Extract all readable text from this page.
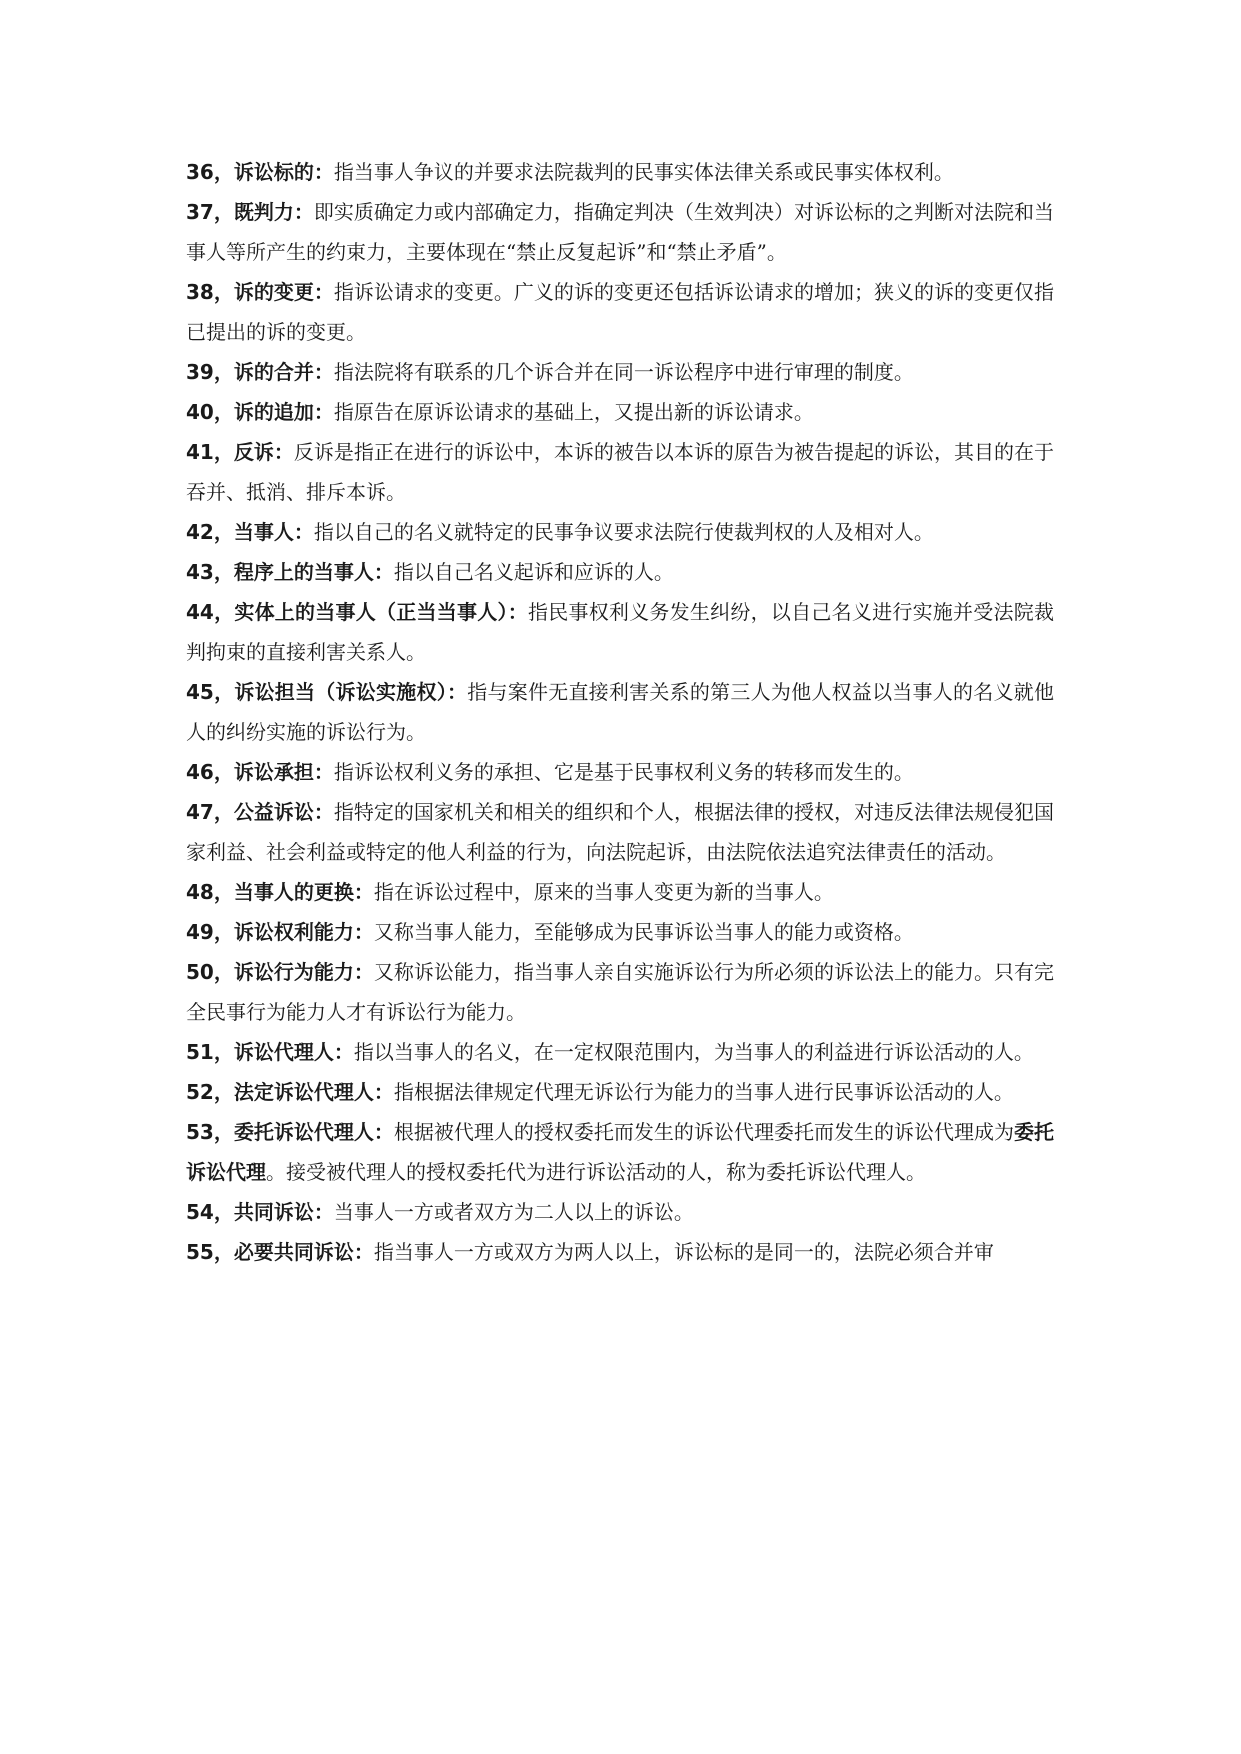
36，诉讼标的：指当事人争议的并要求法院裁判的民事实体法律关系或民事实体权利。

37，既判力：即实质确定力或内部确定力，指确定判决（生效判决）对诉讼标的之判断对法院和当事人等所产生的约束力，主要体现在“禁止反复起诉”和“禁止矛盾”。

38，诉的变更：指诉讼请求的变更。广义的诉的变更还包括诉讼请求的增加；狭义的诉的变更仅指已提出的诉的变更。

39，诉的合并：指法院将有联系的几个诉合并在同一诉讼程序中进行审理的制度。

40，诉的追加：指原告在原诉讼请求的基础上，又提出新的诉讼请求。

41，反诉：反诉是指正在进行的诉讼中，本诉的被告以本诉的原告为被告提起的诉讼，其目的在于吞并、抵消、排斥本诉。

42，当事人：指以自己的名义就特定的民事争议要求法院行使裁判权的人及相对人。

43，程序上的当事人：指以自己名义起诉和应诉的人。

44，实体上的当事人（正当当事人）：指民事权利义务发生纠纷，以自己名义进行实施并受法院裁判拘束的直接利害关系人。

45，诉讼担当（诉讼实施权）：指与案件无直接利害关系的第三人为他人权益以当事人的名义就他人的纠纷实施的诉讼行为。

46，诉讼承担：指诉讼权利义务的承担、它是基于民事权利义务的转移而发生的。

47，公益诉讼：指特定的国家机关和相关的组织和个人，根据法律的授权，对违反法律法规侵犯国家利益、社会利益或特定的他人利益的行为，向法院起诉，由法院依法追究法律责任的活动。

48，当事人的更换：指在诉讼过程中，原来的当事人变更为新的当事人。

49，诉讼权利能力：又称当事人能力，至能够成为民事诉讼当事人的能力或资格。

50，诉讼行为能力：又称诉讼能力，指当事人亲自实施诉讼行为所必须的诉讼法上的能力。只有完全民事行为能力人才有诉讼行为能力。

51，诉讼代理人：指以当事人的名义，在一定权限范围内，为当事人的利益进行诉讼活动的人。

52，法定诉讼代理人：指根据法律规定代理无诉讼行为能力的当事人进行民事诉讼活动的人。

53，委托诉讼代理人：根据被代理人的授权委托而发生的诉讼代理委托而发生的诉讼代理成为委托诉讼代理。接受被代理人的授权委托代为进行诉讼活动的人，称为委托诉讼代理人。

54，共同诉讼：当事人一方或者双方为二人以上的诉讼。

55，必要共同诉讼：指当事人一方或双方为两人以上，诉讼标的是同一的，法院必须合并审
